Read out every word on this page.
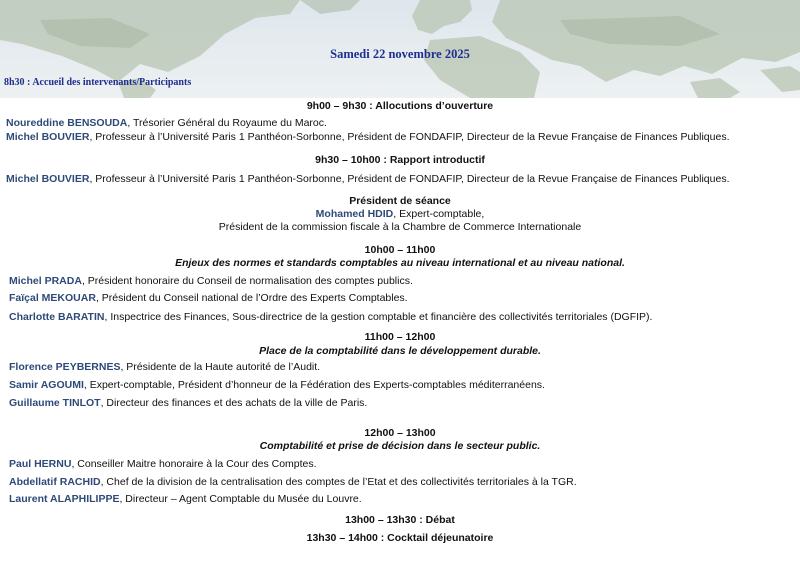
Samedi 22 novembre 2025
8h30 : Accueil des intervenants/Participants
9h00 – 9h30 : Allocutions d’ouverture
Noureddine BENSOUDA, Trésorier Général du Royaume du Maroc.
Michel BOUVIER, Professeur à l’Université Paris 1 Panthéon-Sorbonne, Président de FONDAFIP, Directeur de la Revue Française de Finances Publiques.
9h30 – 10h00 : Rapport introductif
Michel BOUVIER, Professeur à l’Université Paris 1 Panthéon-Sorbonne, Président de FONDAFIP, Directeur de la Revue Française de Finances Publiques.
Président de séance
Mohamed HDID, Expert-comptable,
Président de la commission fiscale à la Chambre de Commerce Internationale
10h00 – 11h00
Enjeux des normes et standards comptables au niveau international et au niveau national.
Michel PRADA, Président honoraire du Conseil de normalisation des comptes publics.
Faïçal MEKOUAR, Président du Conseil national de l’Ordre des Experts Comptables.
Charlotte BARATIN, Inspectrice des Finances, Sous-directrice de la gestion comptable et financière des collectivités territoriales (DGFIP).
11h00 – 12h00
Place de la comptabilité dans le développement durable.
Florence PEYBERNES, Présidente de la Haute autorité de l’Audit.
Samir AGOUMI, Expert-comptable, Président d’honneur de la Fédération des Experts-comptables méditerranéens.
Guillaume TINLOT, Directeur des finances et des achats de la ville de Paris.
12h00 – 13h00
Comptabilité et prise de décision dans le secteur public.
Paul HERNU, Conseiller Maitre honoraire à la Cour des Comptes.
Abdellatif RACHID, Chef de la division de la centralisation des comptes de l’Etat et des collectivités territoriales à la TGR.
Laurent ALAPHILIPPE, Directeur – Agent Comptable du Musée du Louvre.
13h00 – 13h30 : Débat
13h30 – 14h00 : Cocktail déjeunatoire
